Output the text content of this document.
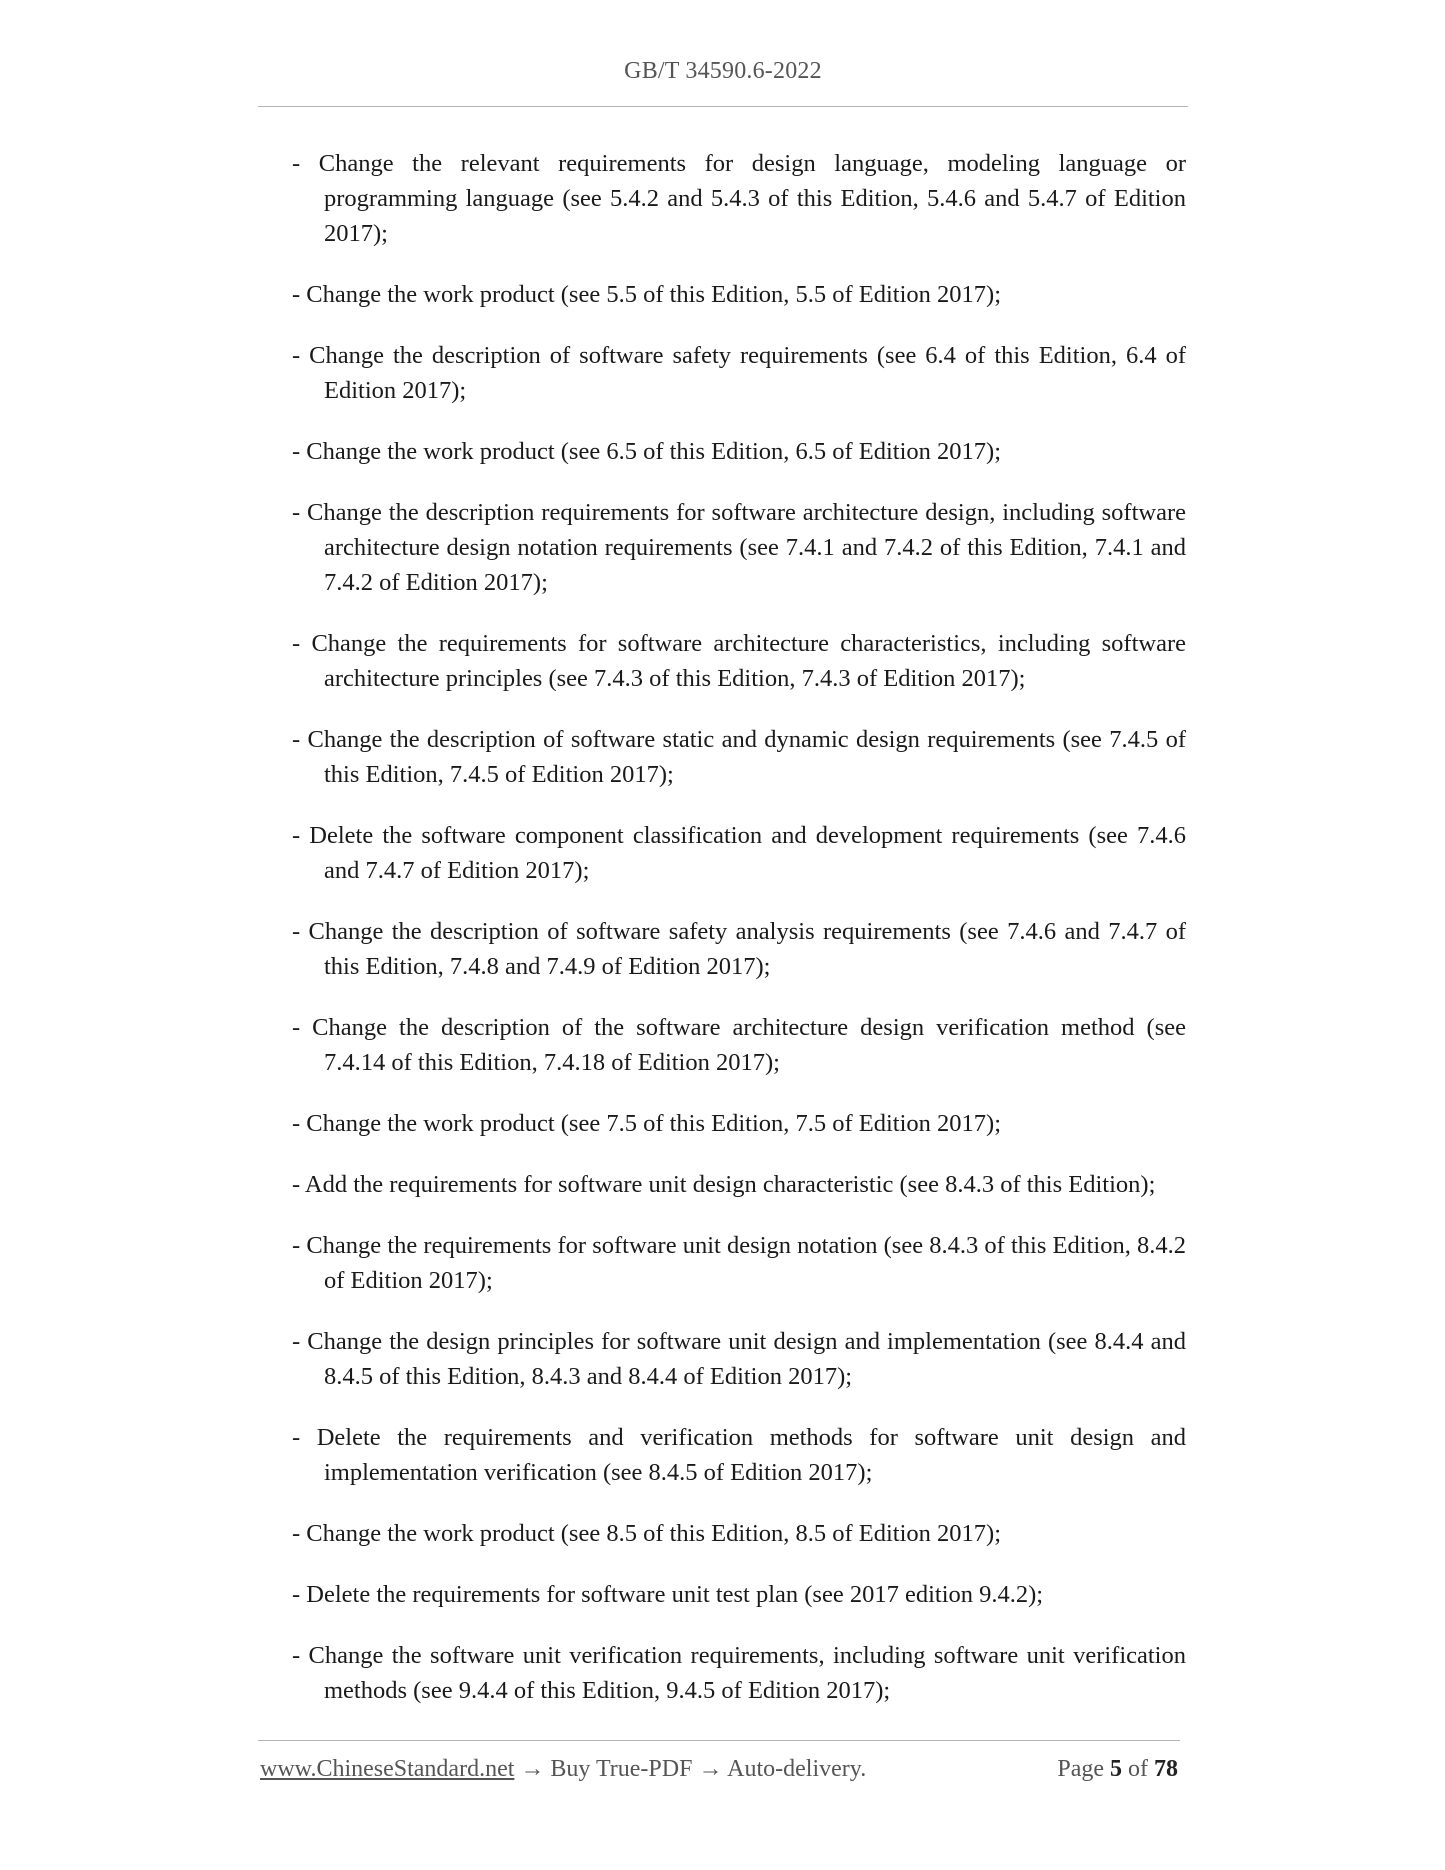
GB/T 34590.6-2022
- Change the relevant requirements for design language, modeling language or programming language (see 5.4.2 and 5.4.3 of this Edition, 5.4.6 and 5.4.7 of Edition 2017);
- Change the work product (see 5.5 of this Edition, 5.5 of Edition 2017);
- Change the description of software safety requirements (see 6.4 of this Edition, 6.4 of Edition 2017);
- Change the work product (see 6.5 of this Edition, 6.5 of Edition 2017);
- Change the description requirements for software architecture design, including software architecture design notation requirements (see 7.4.1 and 7.4.2 of this Edition, 7.4.1 and 7.4.2 of Edition 2017);
- Change the requirements for software architecture characteristics, including software architecture principles (see 7.4.3 of this Edition, 7.4.3 of Edition 2017);
- Change the description of software static and dynamic design requirements (see 7.4.5 of this Edition, 7.4.5 of Edition 2017);
- Delete the software component classification and development requirements (see 7.4.6 and 7.4.7 of Edition 2017);
- Change the description of software safety analysis requirements (see 7.4.6 and 7.4.7 of this Edition, 7.4.8 and 7.4.9 of Edition 2017);
- Change the description of the software architecture design verification method (see 7.4.14 of this Edition, 7.4.18 of Edition 2017);
- Change the work product (see 7.5 of this Edition, 7.5 of Edition 2017);
- Add the requirements for software unit design characteristic (see 8.4.3 of this Edition);
- Change the requirements for software unit design notation (see 8.4.3 of this Edition, 8.4.2 of Edition 2017);
- Change the design principles for software unit design and implementation (see 8.4.4 and 8.4.5 of this Edition, 8.4.3 and 8.4.4 of Edition 2017);
- Delete the requirements and verification methods for software unit design and implementation verification (see 8.4.5 of Edition 2017);
- Change the work product (see 8.5 of this Edition, 8.5 of Edition 2017);
- Delete the requirements for software unit test plan (see 2017 edition 9.4.2);
- Change the software unit verification requirements, including software unit verification methods (see 9.4.4 of this Edition, 9.4.5 of Edition 2017);
www.ChineseStandard.net → Buy True-PDF → Auto-delivery.	Page 5 of 78
